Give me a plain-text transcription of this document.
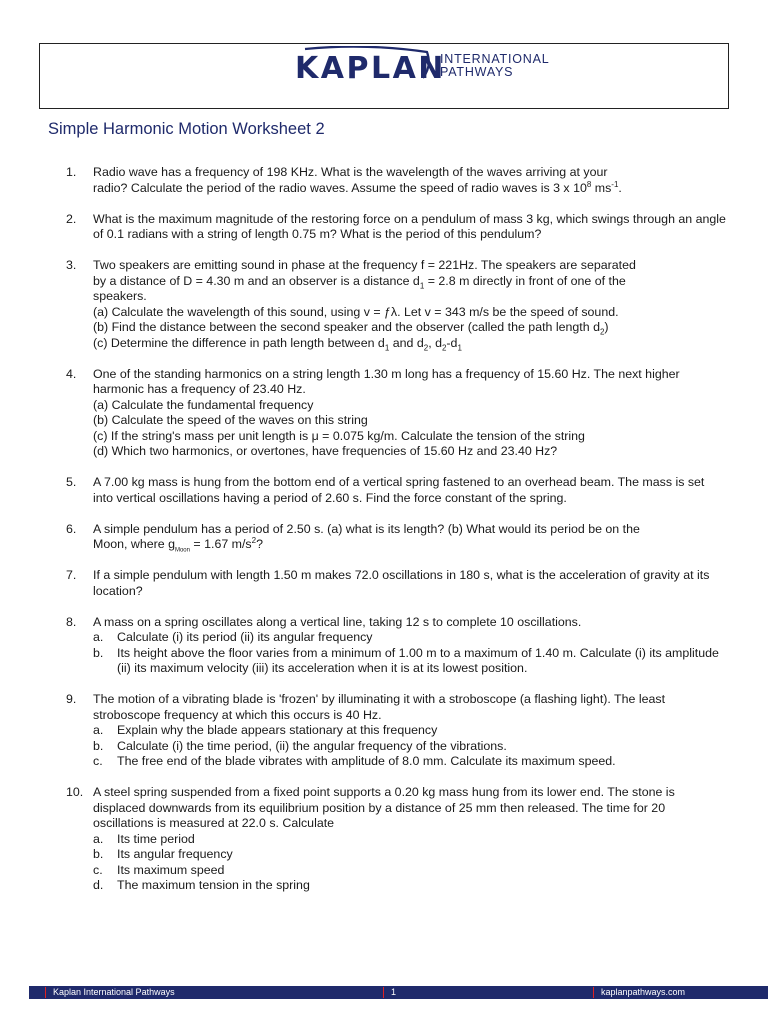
KAPLAN
INTERNATIONAL
PATHWAYS
Simple Harmonic Motion Worksheet 2
1.	Radio wave has a frequency of 198 KHz. What is the wavelength of the waves arriving at your
radio? Calculate the period of the radio waves. Assume the speed of radio waves is 3 x $10^8$ $ms^{-1}$.
2.	What is the maximum magnitude of the restoring force on a pendulum of mass 3 kg, which swings through an angle of 0.1 radians with a string of length 0.75 m? What is the period of this pendulum?
3.	Two speakers are emitting sound in phase at the frequency f = 221Hz. The speakers are separated
by a distance of D = 4.30 m and an observer is a distance $d_1 = 2.8$ m directly in front of one of the
speakers.
(a) Calculate the wavelength of this sound, using v = ƒλ. Let v = 343 m/s be the speed of sound.
(b) Find the distance between the second speaker and the observer (called the path length $d_2$)
(c) Determine the difference in path length between $d_1$ and $d_2$, $d_2-d_1$
4.	One of the standing harmonics on a string length 1.30 m long has a frequency of 15.60 Hz. The next higher harmonic has a frequency of 23.40 Hz.
(a) Calculate the fundamental frequency
(b) Calculate the speed of the waves on this string
(c) If the string's mass per unit length is μ = 0.075 kg/m. Calculate the tension of the string
(d) Which two harmonics, or overtones, have frequencies of 15.60 Hz and 23.40 Hz?
5.	A 7.00 kg mass is hung from the bottom end of a vertical spring fastened to an overhead beam. The mass is set into vertical oscillations having a period of 2.60 s. Find the force constant of the spring.
6.	A simple pendulum has a period of 2.50 s. (a) what is its length? (b) What would its period be on the
Moon, where $g_{Moon} = 1.67$ $m/s^2$?
7.	If a simple pendulum with length 1.50 m makes 72.0 oscillations in 180 s, what is the acceleration of gravity at its location?
8.	A mass on a spring oscillates along a vertical line, taking 12 s to complete 10 oscillations.
a. Calculate (i) its period (ii) its angular frequency
b. Its height above the floor varies from a minimum of 1.00 m to a maximum of 1.40 m. Calculate (i) its amplitude (ii) its maximum velocity (iii) its acceleration when it is at its lowest position.
9.	The motion of a vibrating blade is 'frozen' by illuminating it with a stroboscope (a flashing light). The least stroboscope frequency at which this occurs is 40 Hz.
a. Explain why the blade appears stationary at this frequency
b. Calculate (i) the time period, (ii) the angular frequency of the vibrations.
c. The free end of the blade vibrates with amplitude of 8.0 mm. Calculate its maximum speed.
10. A steel spring suspended from a fixed point supports a 0.20 kg mass hung from its lower end. The stone is displaced downwards from its equilibrium position by a distance of 25 mm then released. The time for 20 oscillations is measured at 22.0 s. Calculate
a. Its time period
b. Its angular frequency
c. Its maximum speed
d. The maximum tension in the spring
Kaplan International Pathways	1	kaplanpathways.com
